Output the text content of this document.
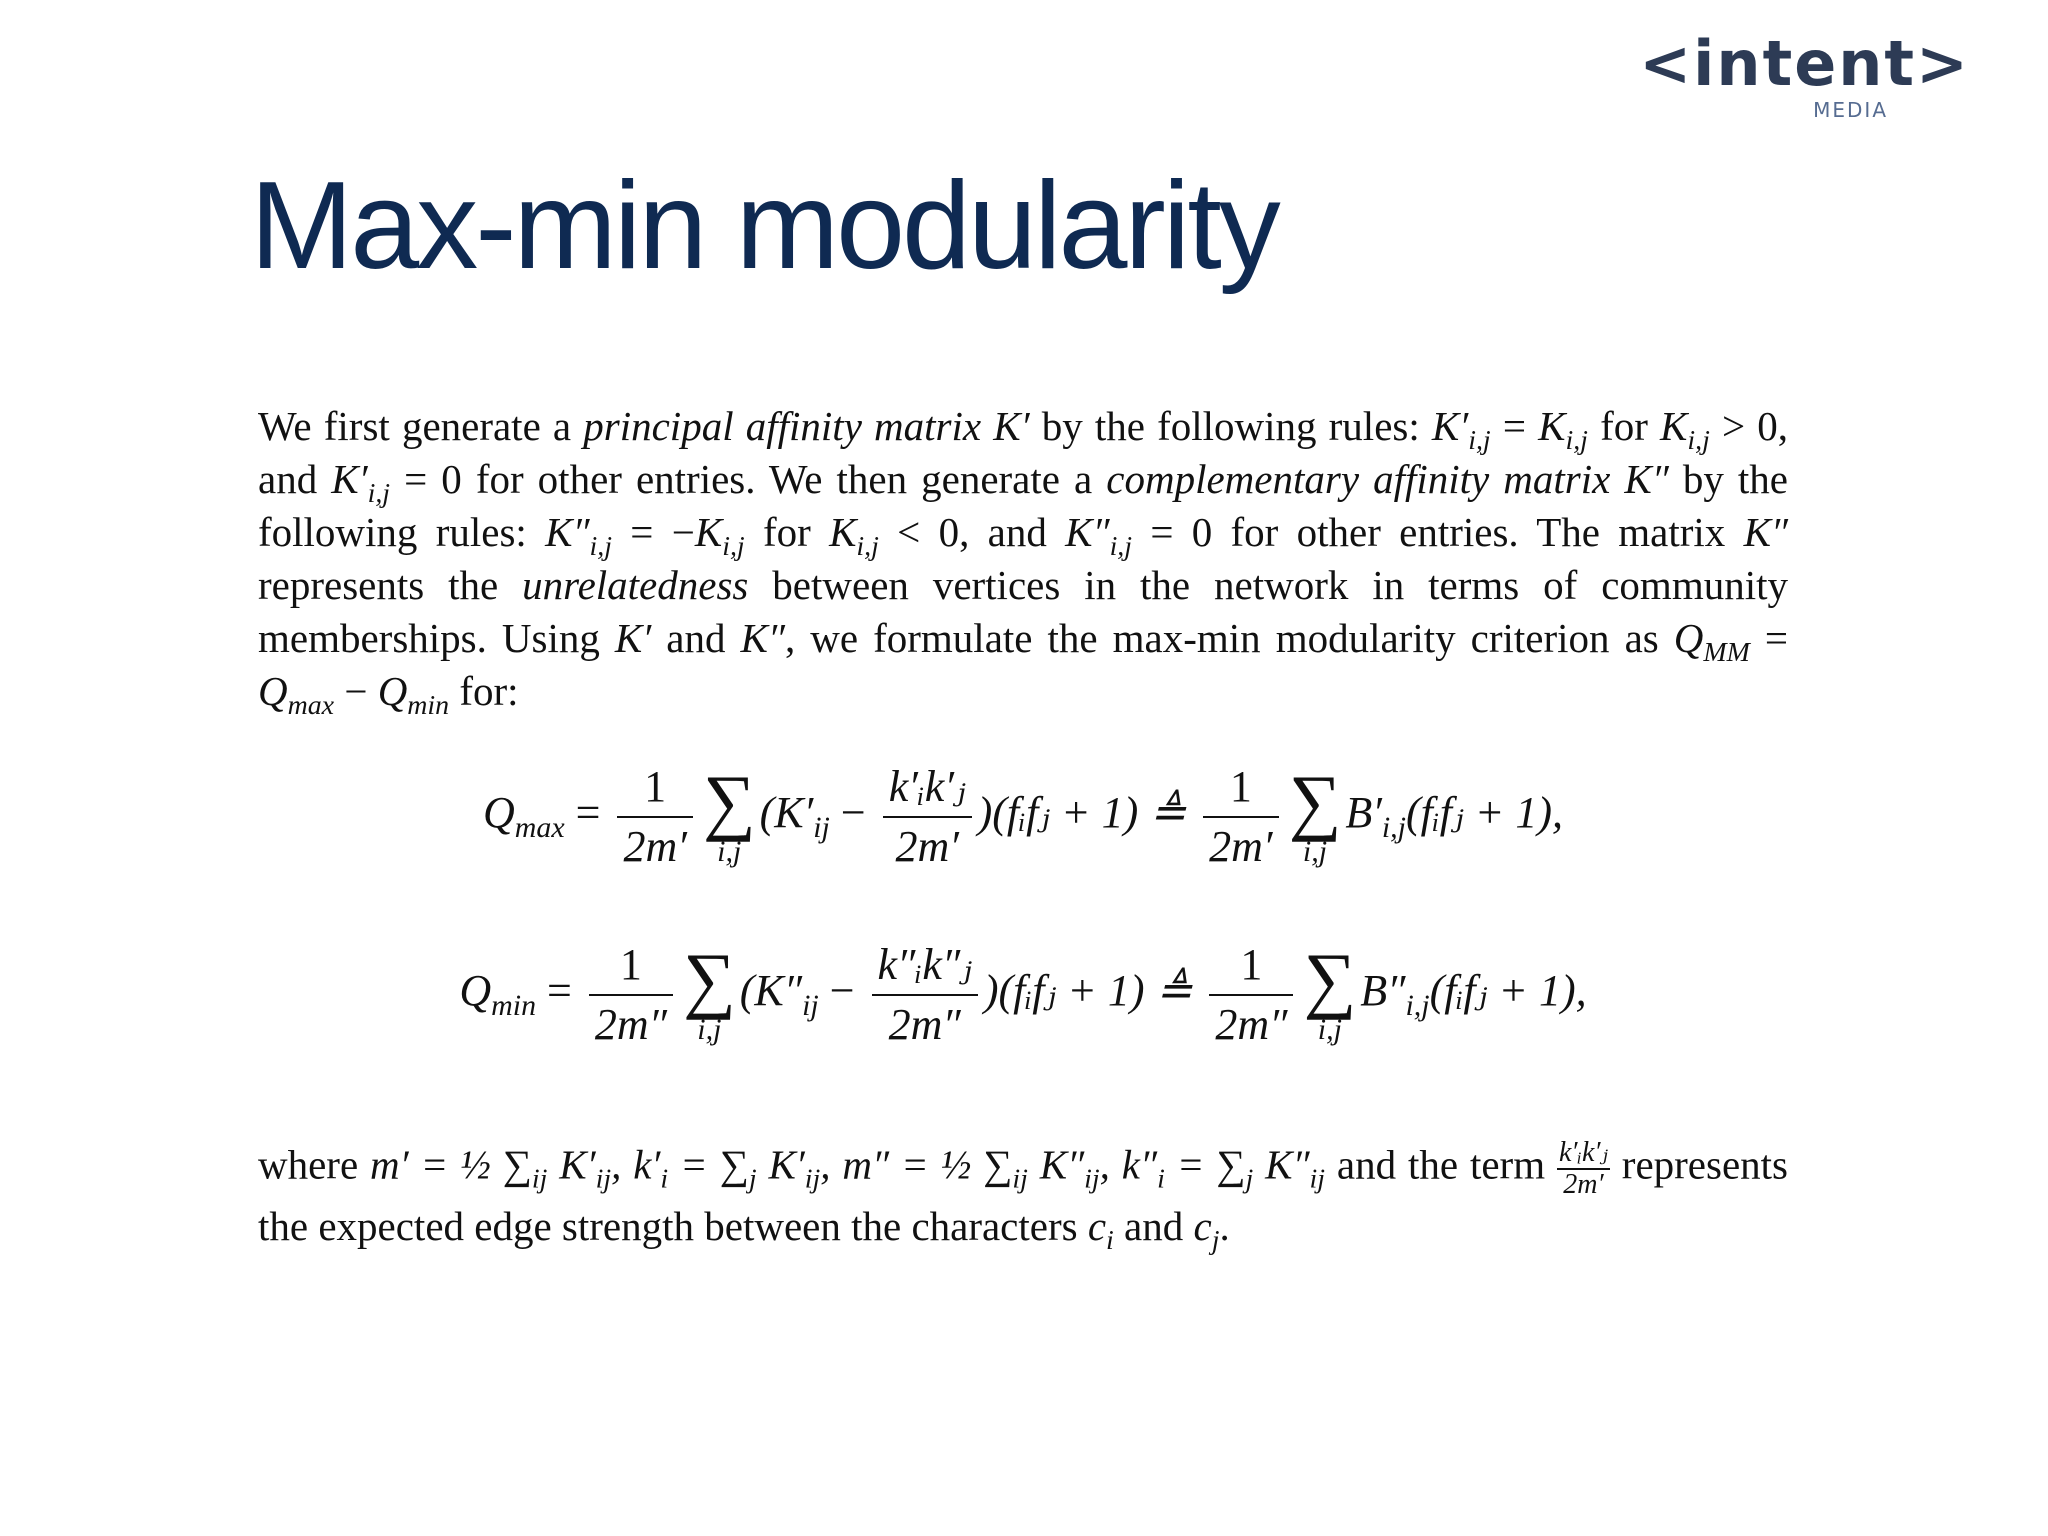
<intent>
MEDIA
Max-min modularity

We first generate a principal affinity matrix K′ by the following rules: $K'_{i,j} = K_{i,j}$ for $K_{i,j} > 0$, and $K'_{i,j} = 0$ for other entries. We then generate a complementary affinity matrix K″ by the following rules: $K''_{i,j} = -K_{i,j}$ for $K_{i,j} < 0$, and $K''_{i,j} = 0$ for other entries. The matrix K″ represents the unrelatedness between vertices in the network in terms of community memberships. Using K′ and K″, we formulate the max-min modularity criterion as $Q_{MM} = Q_{max} - Q_{min}$ for:

$Q_{max} = \frac{1}{2m'}$ ∑
i,j
($K'_{ij} - \frac{\text{k′ᵢk′ⱼ}}{2m'}$ )(fᵢfⱼ + 1) ≜ $\frac{1}{2m'}$ ∑
i,j
$B'_{i,j}(fᵢfⱼ + 1)$,
$Q_{min} = \frac{1}{2m''}$ ∑
i,j
($K''_{ij} - \frac{\text{k″ᵢk″ⱼ}}{2m''}$ )(fᵢfⱼ + 1) ≜ $\frac{1}{2m''}$ ∑
i,j
$B''_{i,j}(fᵢfⱼ + 1)$,

where m′ = ½ $\sum_{ij}$ $K'_{ij}$, $k'_i = \sum_j$ $K'_{ij}$, m″ = ½ $\sum_{ij}$ $K''_{ij}$, $k''_i = \sum_j$ $K''_{ij}$ and the term $\frac{\text{k′ᵢk′ⱼ}}{2m'}$ represents the expected edge strength between the characters $c_i$ and $c_j$.
